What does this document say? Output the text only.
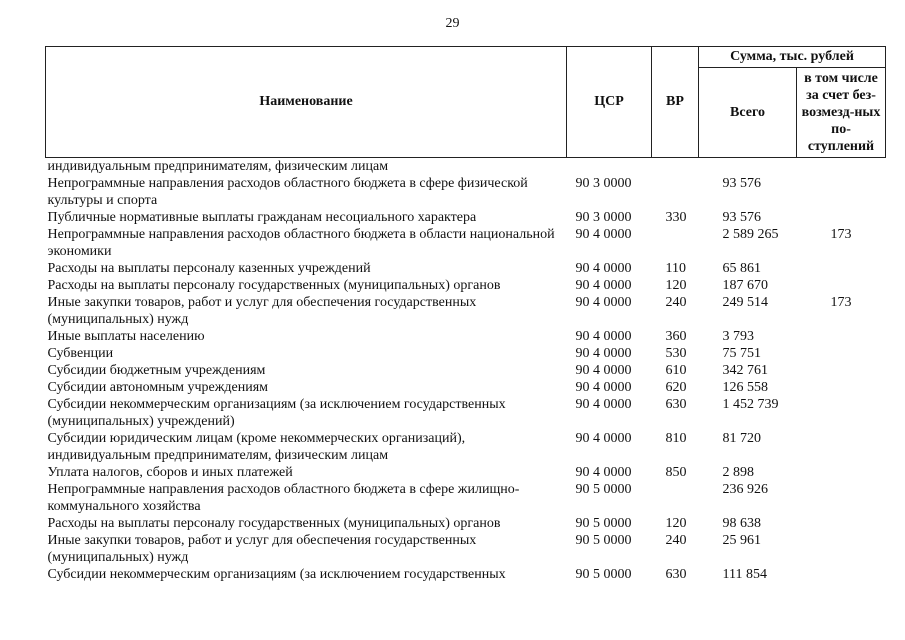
29
Наименование	ЦСР	ВР	Сумма, тыс. рублей	
			Всего	в том числе за счет без-возмезд-ных по-ступлений
индивидуальным предпринимателям, физическим лицам				
Непрограммные направления расходов областного бюджета в сфере физической культуры и спорта	90 3 0000		93 576	
Публичные нормативные выплаты гражданам несоциального характера	90 3 0000	330	93 576	
Непрограммные направления расходов областного бюджета в области национальной экономики	90 4 0000		2 589 265	173
Расходы на выплаты персоналу казенных учреждений	90 4 0000	110	65 861	
Расходы на выплаты персоналу государственных (муниципальных) органов	90 4 0000	120	187 670	
Иные закупки товаров, работ и услуг для обеспечения государственных (муниципальных) нужд	90 4 0000	240	249 514	173
Иные выплаты населению	90 4 0000	360	3 793	
Субвенции	90 4 0000	530	75 751	
Субсидии бюджетным учреждениям	90 4 0000	610	342 761	
Субсидии автономным учреждениям	90 4 0000	620	126 558	
Субсидии некоммерческим организациям (за исключением государственных (муниципальных) учреждений)	90 4 0000	630	1 452 739	
Субсидии юридическим лицам (кроме некоммерческих организаций), индивидуальным предпринимателям, физическим лицам	90 4 0000	810	81 720	
Уплата налогов, сборов и иных платежей	90 4 0000	850	2 898	
Непрограммные направления расходов областного бюджета в сфере жилищно-коммунального хозяйства	90 5 0000		236 926	
Расходы на выплаты персоналу государственных (муниципальных) органов	90 5 0000	120	98 638	
Иные закупки товаров, работ и услуг для обеспечения государственных (муниципальных) нужд	90 5 0000	240	25 961	
Субсидии некоммерческим организациям (за исключением государственных	90 5 0000	630	111 854	
